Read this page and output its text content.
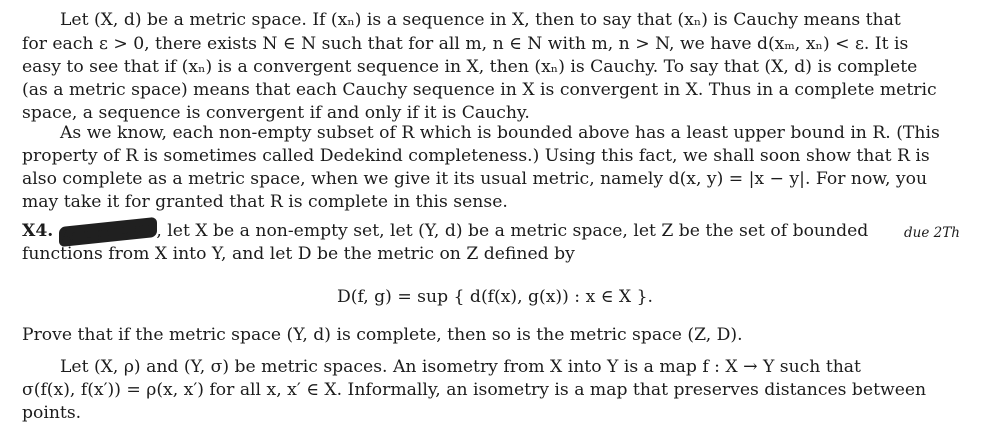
Let (X, d) be a metric space. If (xₙ) is a sequence in X, then to say that (xₙ) is Cauchy means that
for each ε > 0, there exists N ∈ N such that for all m, n ∈ N with m, n > N, we have d(xₘ, xₙ) < ε. It is
easy to see that if (xₙ) is a convergent sequence in X, then (xₙ) is Cauchy. To say that (X, d) is complete
(as a metric space) means that each Cauchy sequence in X is convergent in X. Thus in a complete metric
space, a sequence is convergent if and only if it is Cauchy.
As we know, each non-empty subset of R which is bounded above has a least upper bound in R. (This
property of R is sometimes called Dedekind completeness.) Using this fact, we shall soon show that R is
also complete as a metric space, when we give it its usual metric, namely d(x, y) = |x − y|. For now, you
may take it for granted that R is complete in this sense.
X4. As a problem , let X be a non-empty set, let (Y, d) be a metric space, let Z be the set of bounded	due 2Th
functions from X into Y, and let D be the metric on Z defined by
D(f, g) = sup { d(f(x), g(x)) : x ∈ X }.
Prove that if the metric space (Y, d) is complete, then so is the metric space (Z, D).
Let (X, ρ) and (Y, σ) be metric spaces. An isometry from X into Y is a map f : X → Y such that
σ(f(x), f(x′)) = ρ(x, x′) for all x, x′ ∈ X. Informally, an isometry is a map that preserves distances between
points.
